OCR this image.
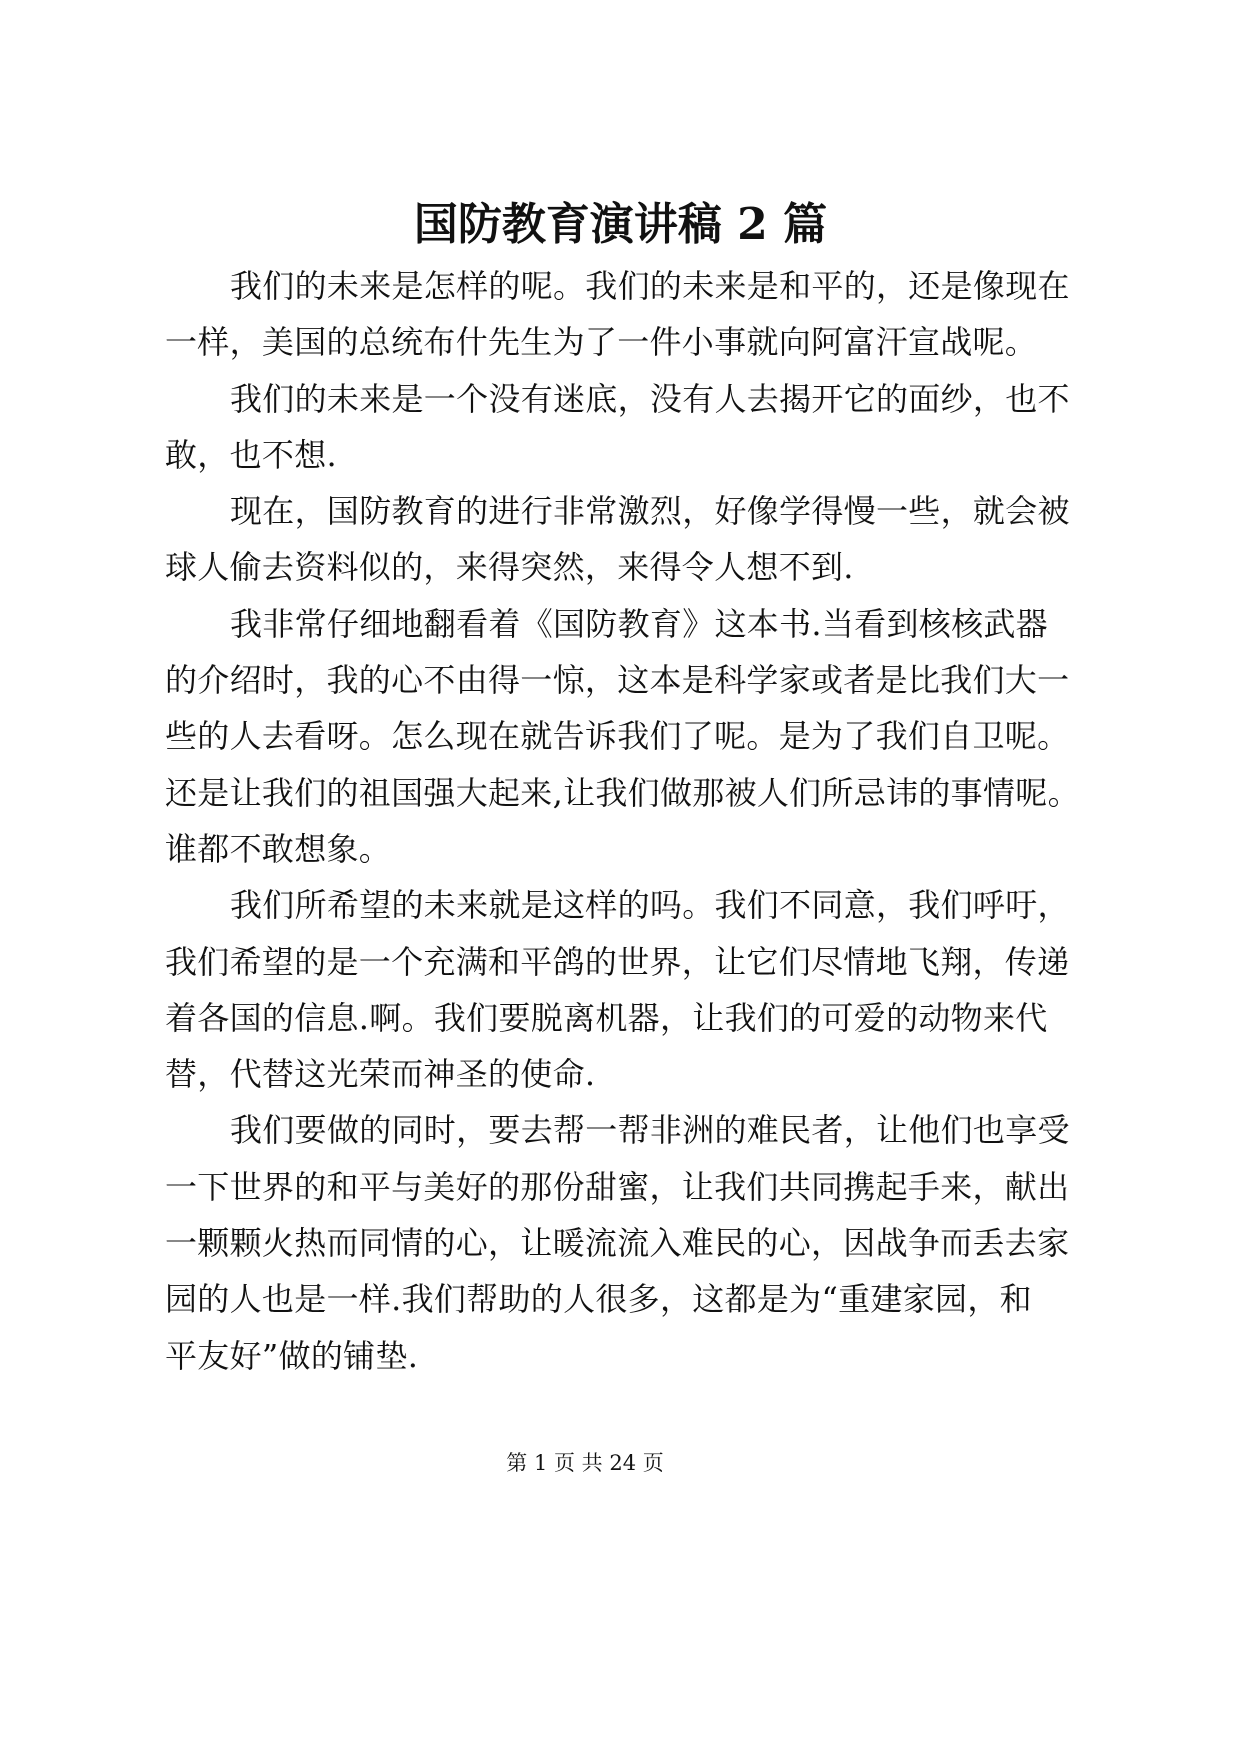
国防教育演讲稿 2 篇
我们的未来是怎样的呢。我们的未来是和平的，还是像现在
一样，美国的总统布什先生为了一件小事就向阿富汗宣战呢。
我们的未来是一个没有迷底，没有人去揭开它的面纱，也不
敢，也不想.
现在，国防教育的进行非常激烈，好像学得慢一些，就会被
球人偷去资料似的，来得突然，来得令人想不到.
我非常仔细地翻看着《国防教育》这本书.当看到核核武器
的介绍时，我的心不由得一惊，这本是科学家或者是比我们大一
些的人去看呀。怎么现在就告诉我们了呢。是为了我们自卫呢。
还是让我们的祖国强大起来,让我们做那被人们所忌讳的事情呢。
谁都不敢想象。
我们所希望的未来就是这样的吗。我们不同意，我们呼吁，
我们希望的是一个充满和平鸽的世界，让它们尽情地飞翔，传递
着各国的信息.啊。我们要脱离机器，让我们的可爱的动物来代
替，代替这光荣而神圣的使命.
我们要做的同时，要去帮一帮非洲的难民者，让他们也享受
一下世界的和平与美好的那份甜蜜，让我们共同携起手来，献出
一颗颗火热而同情的心，让暖流流入难民的心，因战争而丢去家
园的人也是一样.我们帮助的人很多，这都是为“重建家园，和
平友好”做的铺垫.
第 1 页 共 24 页
